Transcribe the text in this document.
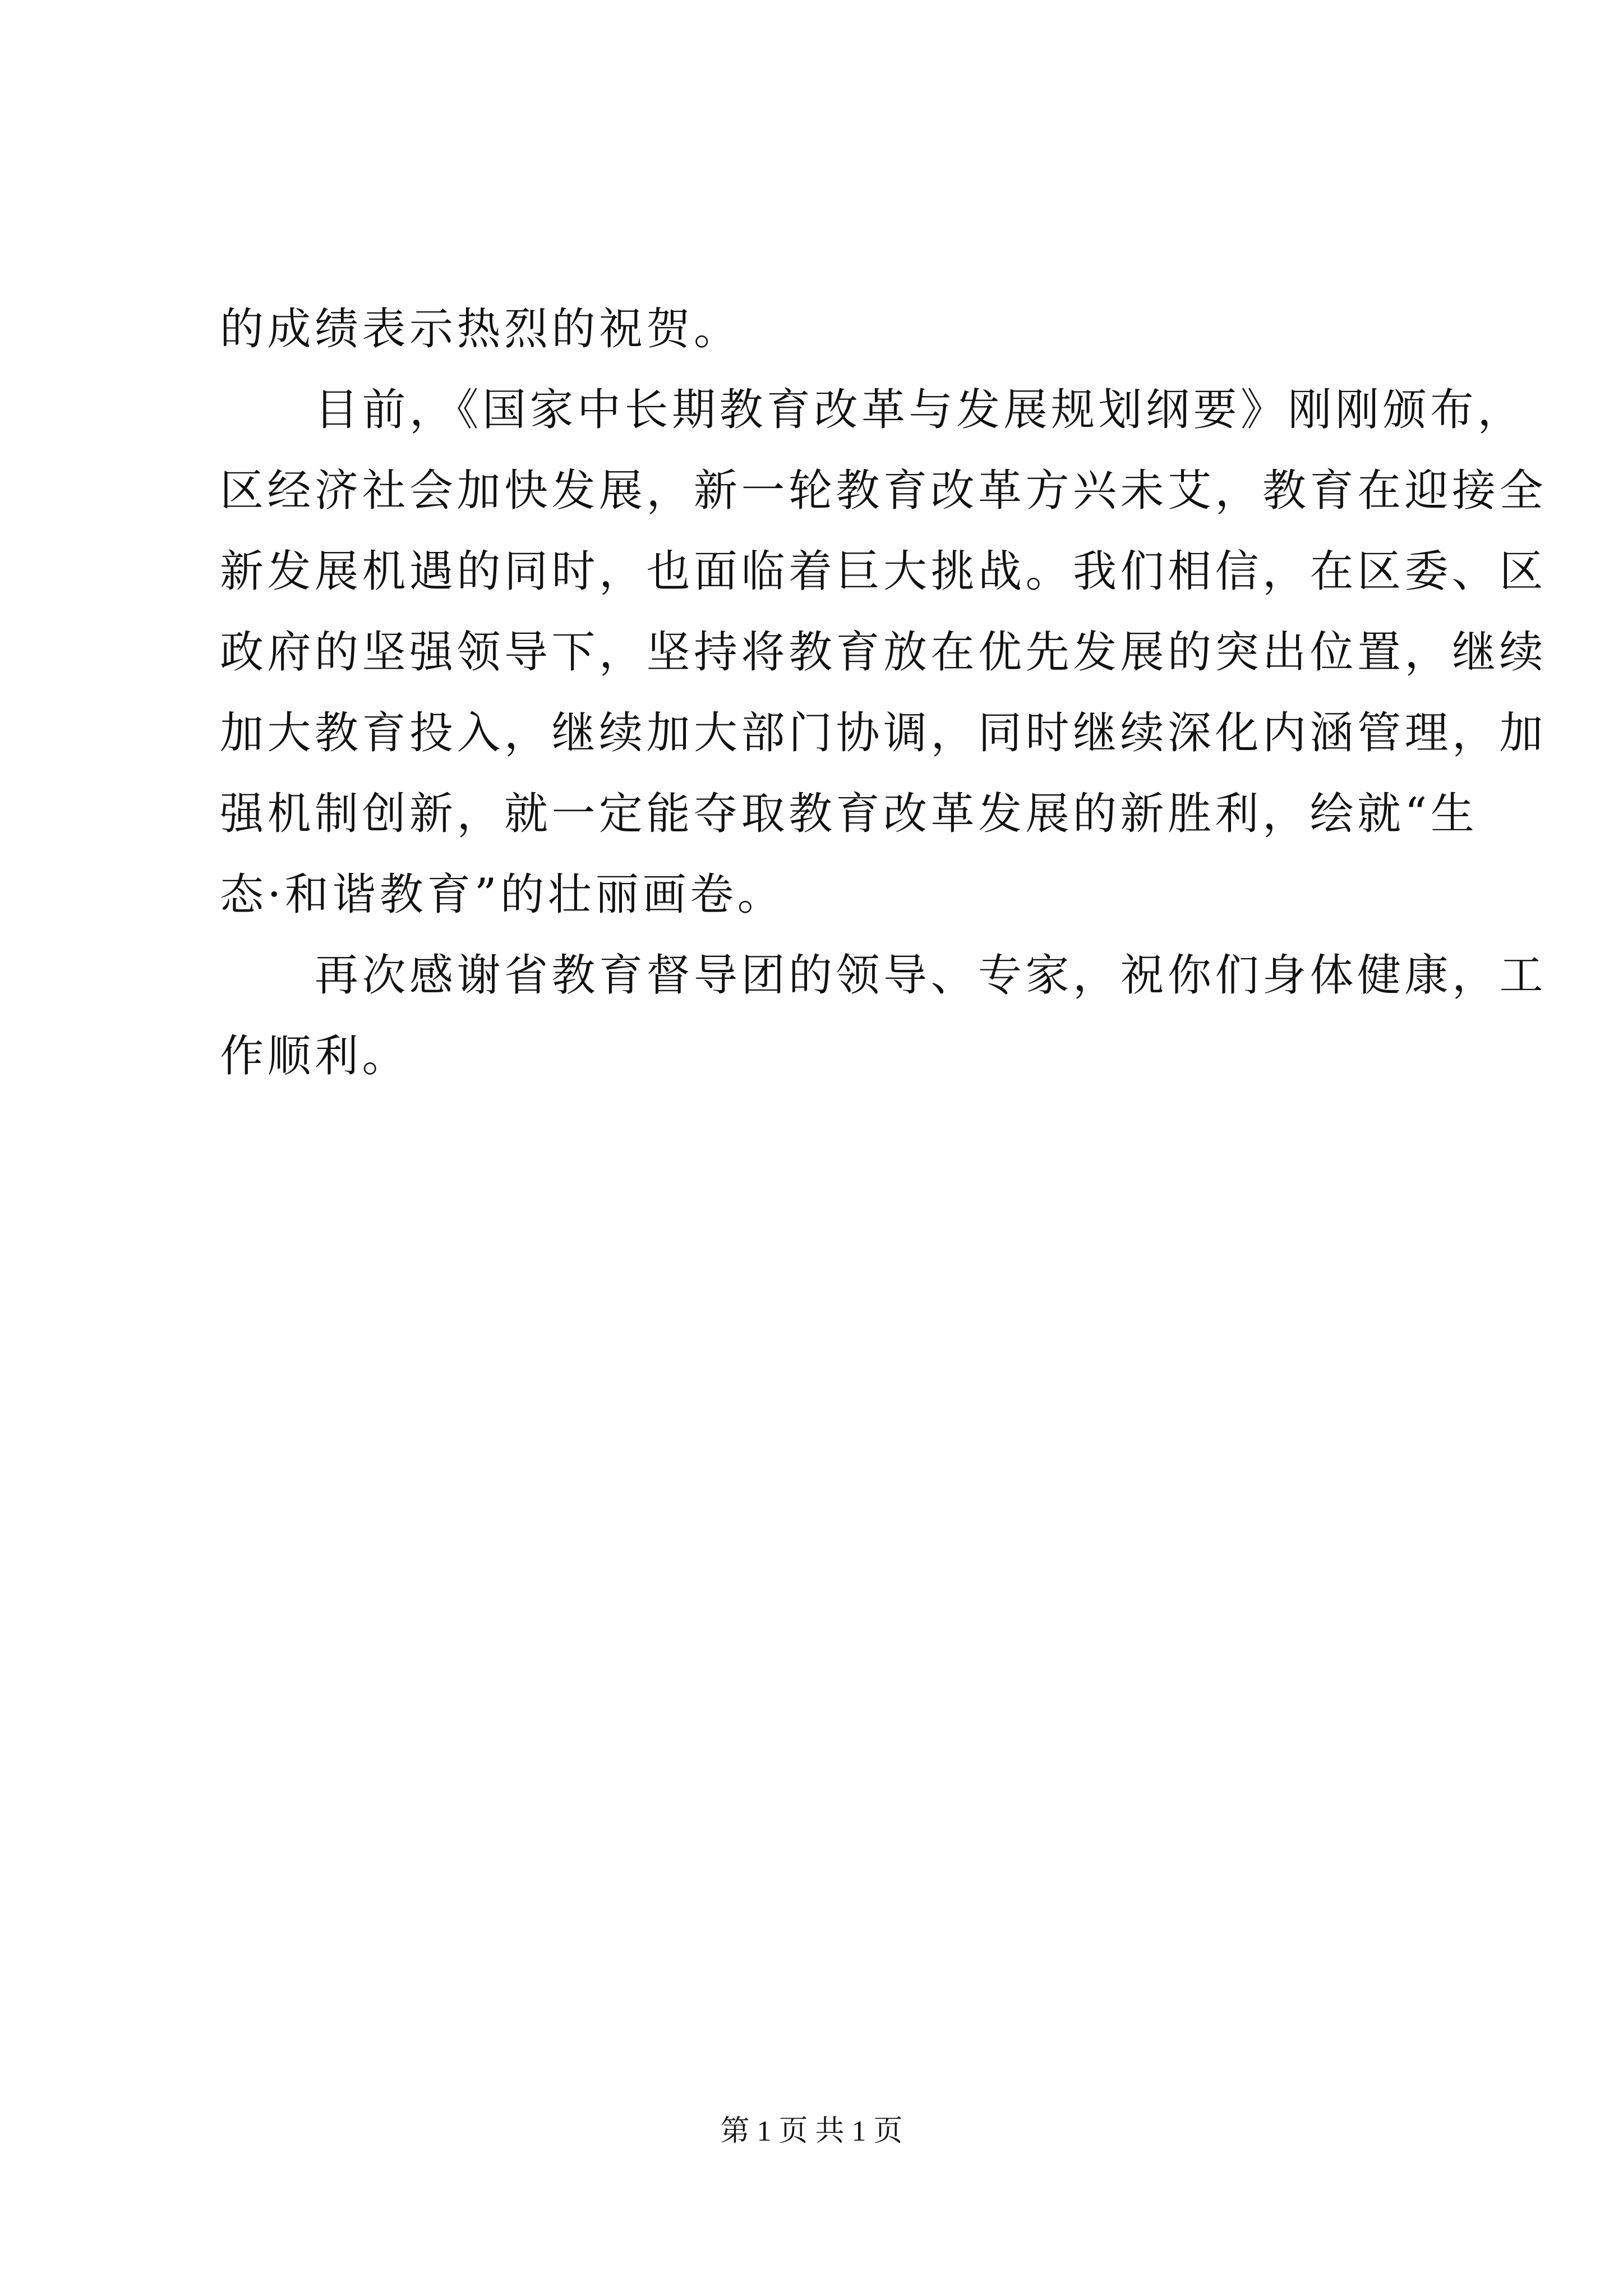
的成绩表示热烈的祝贺。
　　目前，《国家中长期教育改革与发展规划纲要》刚刚颁布，
区经济社会加快发展，新一轮教育改革方兴未艾，教育在迎接全
新发展机遇的同时，也面临着巨大挑战。我们相信，在区委、区
政府的坚强领导下，坚持将教育放在优先发展的突出位置，继续
加大教育投入，继续加大部门协调，同时继续深化内涵管理，加
强机制创新，就一定能夺取教育改革发展的新胜利，绘就“生
态·和谐教育”的壮丽画卷。
　　再次感谢省教育督导团的领导、专家，祝你们身体健康，工
作顺利。
第 1 页 共 1 页
